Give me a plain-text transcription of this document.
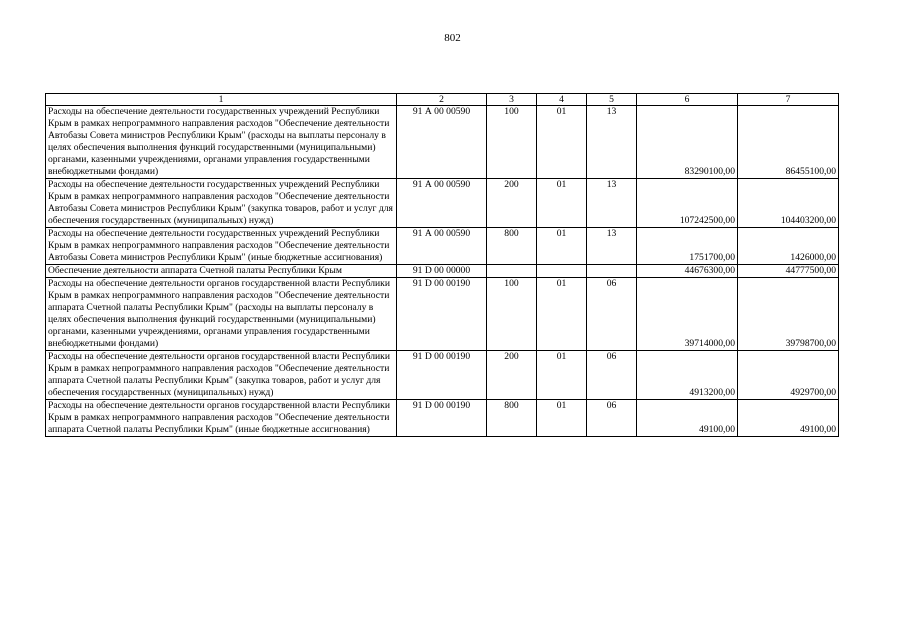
802
1	2	3	4	5	6	7
Расходы на обеспечение деятельности государственных учреждений Республики Крым в рамках непрограммного направления расходов "Обеспечение деятельности Автобазы Совета министров Республики Крым" (расходы на выплаты персоналу в целях обеспечения выполнения функций государственными (муниципальными) органами, казенными учреждениями, органами управления государственными внебюджетными фондами)	91 А 00 00590	100	01	13	83290100,00	86455100,00
Расходы на обеспечение деятельности государственных учреждений Республики Крым в рамках непрограммного направления расходов "Обеспечение деятельности Автобазы Совета министров Республики Крым" (закупка товаров, работ и услуг для обеспечения государственных (муниципальных) нужд)	91 А 00 00590	200	01	13	107242500,00	104403200,00
Расходы на обеспечение деятельности государственных учреждений Республики Крым в рамках непрограммного направления расходов "Обеспечение деятельности Автобазы Совета министров Республики Крым" (иные бюджетные ассигнования)	91 А 00 00590	800	01	13	1751700,00	1426000,00
Обеспечение деятельности аппарата Счетной палаты Республики Крым	91 D 00 00000				44676300,00	44777500,00
Расходы на обеспечение деятельности органов государственной власти Республики Крым в рамках непрограммного направления расходов "Обеспечение деятельности аппарата Счетной палаты Республики Крым" (расходы на выплаты персоналу в целях обеспечения выполнения функций государственными (муниципальными) органами, казенными учреждениями, органами управления государственными внебюджетными фондами)	91 D 00 00190	100	01	06	39714000,00	39798700,00
Расходы на обеспечение деятельности органов государственной власти Республики Крым в рамках непрограммного направления расходов "Обеспечение деятельности аппарата Счетной палаты Республики Крым" (закупка товаров, работ и услуг для обеспечения государственных (муниципальных) нужд)	91 D 00 00190	200	01	06	4913200,00	4929700,00
Расходы на обеспечение деятельности органов государственной власти Республики Крым в рамках непрограммного направления расходов "Обеспечение деятельности аппарата Счетной палаты Республики Крым" (иные бюджетные ассигнования)	91 D 00 00190	800	01	06	49100,00	49100,00
